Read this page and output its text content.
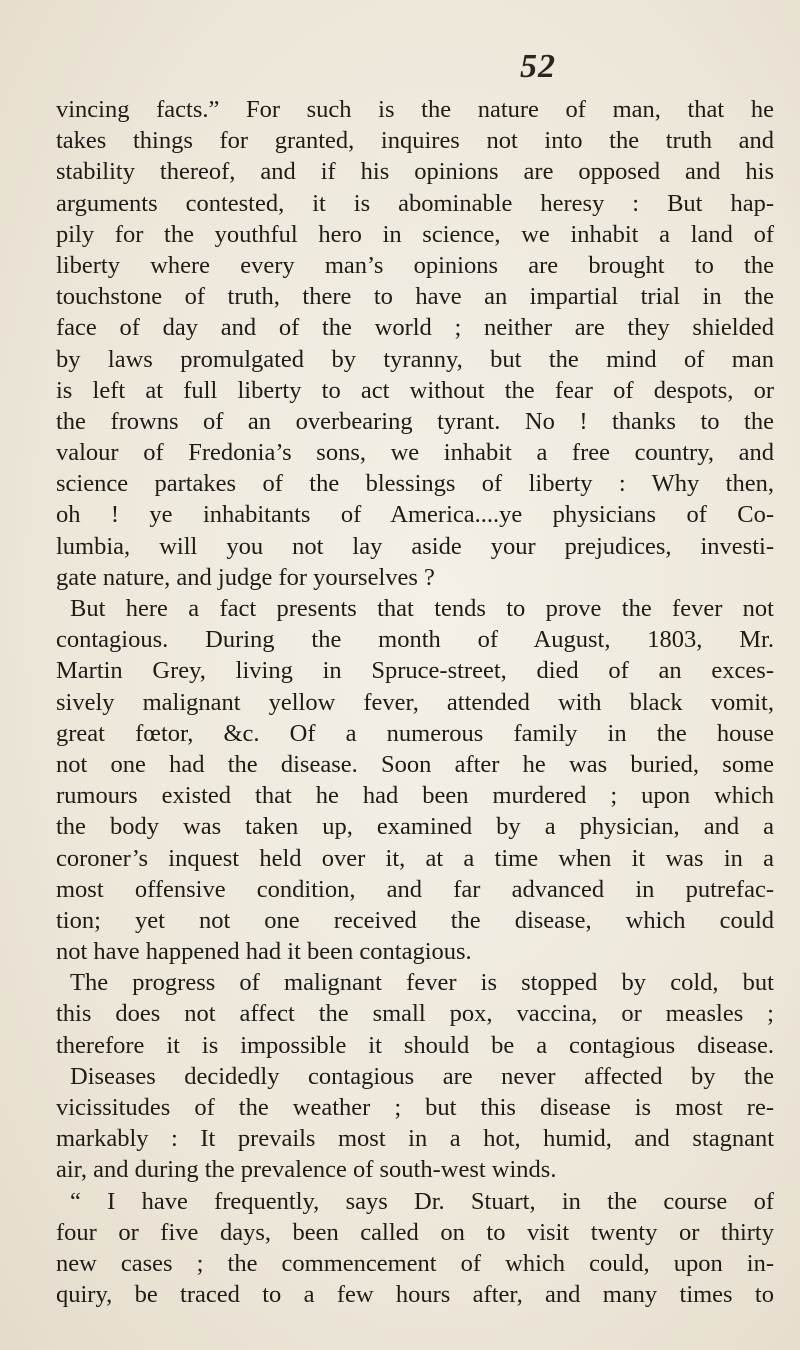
52
vincing facts.” For such is the nature of man, that he
takes things for granted, inquires not into the truth and
stability thereof, and if his opinions are opposed and his
arguments contested, it is abominable heresy : But hap-
pily for the youthful hero in science, we inhabit a land of
liberty where every man’s opinions are brought to the
touchstone of truth, there to have an impartial trial in the
face of day and of the world ; neither are they shielded
by laws promulgated by tyranny, but the mind of man
is left at full liberty to act without the fear of despots, or
the frowns of an overbearing tyrant. No ! thanks to the
valour of Fredonia’s sons, we inhabit a free country, and
science partakes of the blessings of liberty : Why then,
oh ! ye inhabitants of America....ye physicians of Co-
lumbia, will you not lay aside your prejudices, investi-
gate nature, and judge for yourselves ?
But here a fact presents that tends to prove the fever not
contagious. During the month of August, 1803, Mr.
Martin Grey, living in Spruce-street, died of an exces-
sively malignant yellow fever, attended with black vomit,
great fœtor, &c. Of a numerous family in the house
not one had the disease. Soon after he was buried, some
rumours existed that he had been murdered ; upon which
the body was taken up, examined by a physician, and a
coroner’s inquest held over it, at a time when it was in a
most offensive condition, and far advanced in putrefac-
tion; yet not one received the disease, which could
not have happened had it been contagious.
The progress of malignant fever is stopped by cold, but
this does not affect the small pox, vaccina, or measles ;
therefore it is impossible it should be a contagious disease.
Diseases decidedly contagious are never affected by the
vicissitudes of the weather ; but this disease is most re-
markably : It prevails most in a hot, humid, and stagnant
air, and during the prevalence of south-west winds.
“ I have frequently, says Dr. Stuart, in the course of
four or five days, been called on to visit twenty or thirty
new cases ; the commencement of which could, upon in-
quiry, be traced to a few hours after, and many times to
